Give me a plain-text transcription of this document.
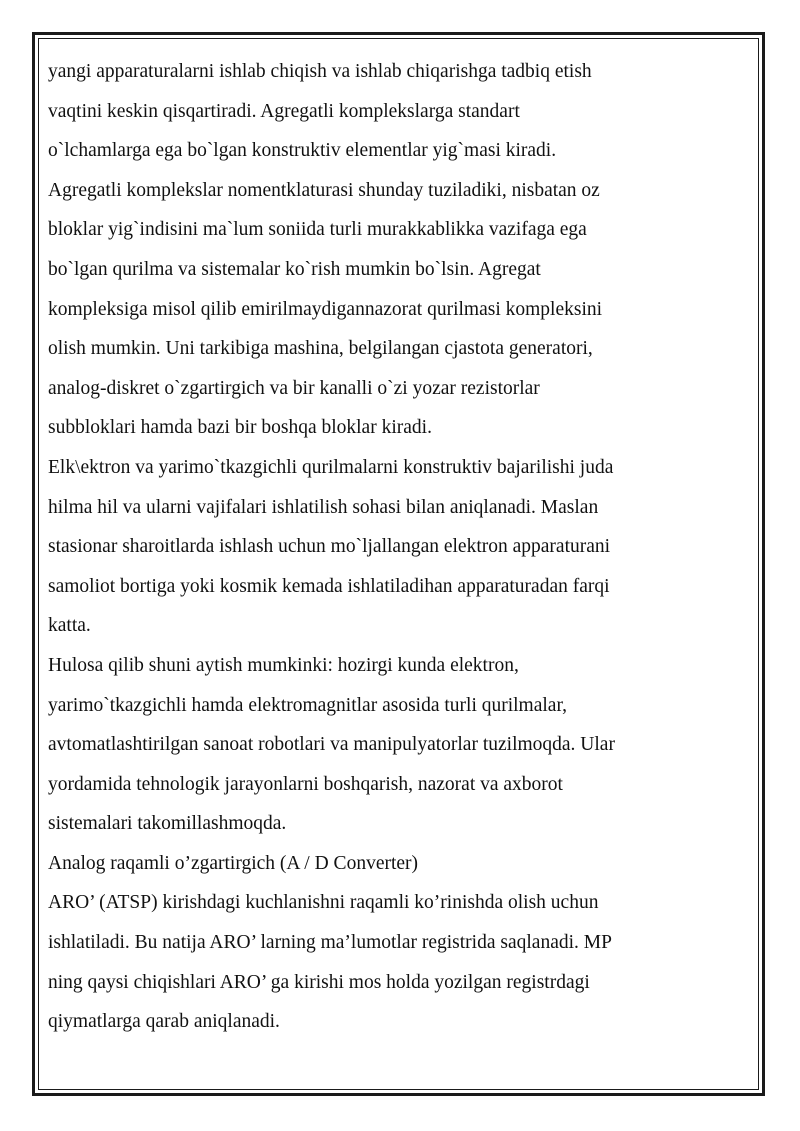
yangi apparaturalarni ishlab chiqish va ishlab chiqarishga tadbiq etish
vaqtini keskin qisqartiradi. Agregatli komplekslarga standart
o`lchamlarga ega bo`lgan konstruktiv elementlar yig`masi kiradi.
Agregatli komplekslar nomentklaturasi shunday tuziladiki, nisbatan oz
bloklar yig`indisini ma`lum soniida turli murakkablikka vazifaga ega
bo`lgan qurilma va sistemalar ko`rish mumkin bo`lsin. Agregat
kompleksiga misol qilib emirilmaydigannazorat qurilmasi kompleksini
olish mumkin. Uni tarkibiga mashina, belgilangan cjastota generatori,
analog-diskret o`zgartirgich va bir kanalli o`zi yozar rezistorlar
subbloklari hamda bazi bir boshqa bloklar kiradi.
Elk\ektron va yarimo`tkazgichli qurilmalarni konstruktiv bajarilishi juda
hilma hil va ularni vajifalari ishlatilish sohasi bilan aniqlanadi. Maslan
stasionar sharoitlarda ishlash uchun mo`ljallangan elektron apparaturani
samoliot bortiga yoki kosmik kemada ishlatiladihan apparaturadan farqi
katta.
Hulosa qilib shuni aytish mumkinki: hozirgi kunda elektron,
yarimo`tkazgichli hamda elektromagnitlar asosida turli qurilmalar,
avtomatlashtirilgan sanoat robotlari va manipulyatorlar tuzilmoqda. Ular
yordamida tehnologik jarayonlarni boshqarish, nazorat va axborot
sistemalari takomillashmoqda.
Analog raqamli o’zgartirgich (A / D Converter)
ARO’ (ATSP) kirishdagi kuchlanishni raqamli ko’rinishda olish uchun
ishlatiladi. Bu natija ARO’ larning ma’lumotlar registrida saqlanadi. MP
ning qaysi chiqishlari ARO’ ga kirishi mos holda yozilgan registrdagi
qiymatlarga qarab aniqlanadi.
